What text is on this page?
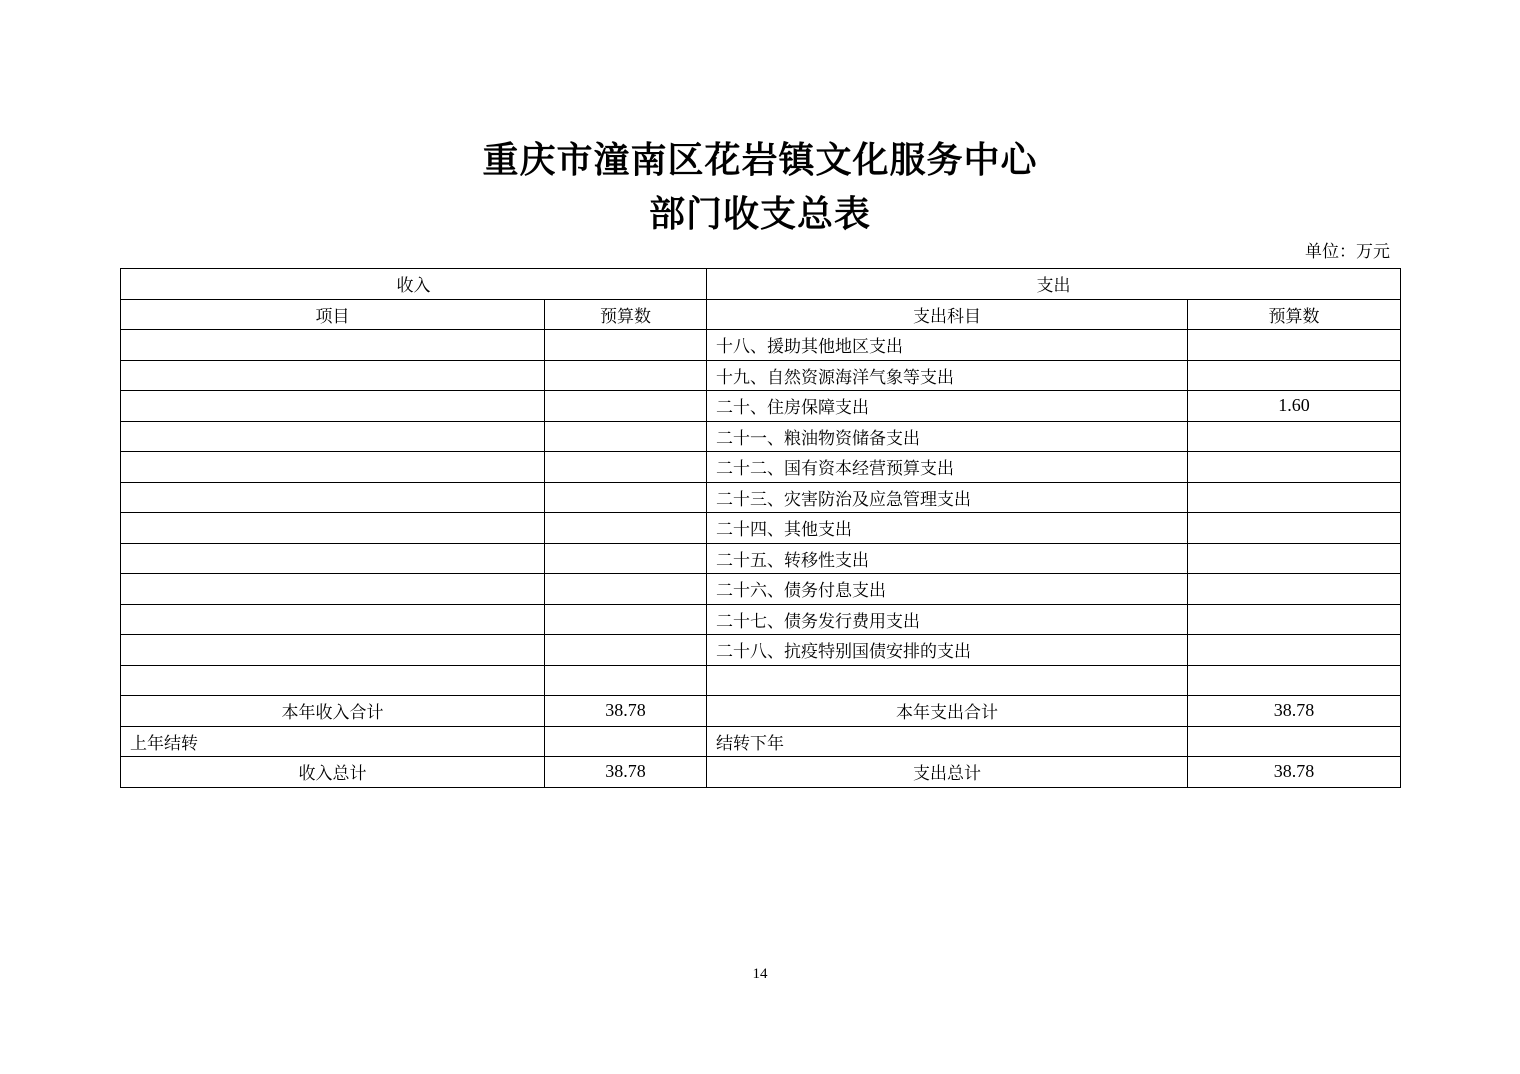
重庆市潼南区花岩镇文化服务中心
部门收支总表
单位：万元
收入		支出	
项目	预算数	支出科目	预算数
		十八、援助其他地区支出	
		十九、自然资源海洋气象等支出	
		二十、住房保障支出	1.60
		二十一、粮油物资储备支出	
		二十二、国有资本经营预算支出	
		二十三、灾害防治及应急管理支出	
		二十四、其他支出	
		二十五、转移性支出	
		二十六、债务付息支出	
		二十七、债务发行费用支出	
		二十八、抗疫特别国债安排的支出	

本年收入合计	38.78	本年支出合计	38.78
上年结转		结转下年	
收入总计	38.78	支出总计	38.78
14
